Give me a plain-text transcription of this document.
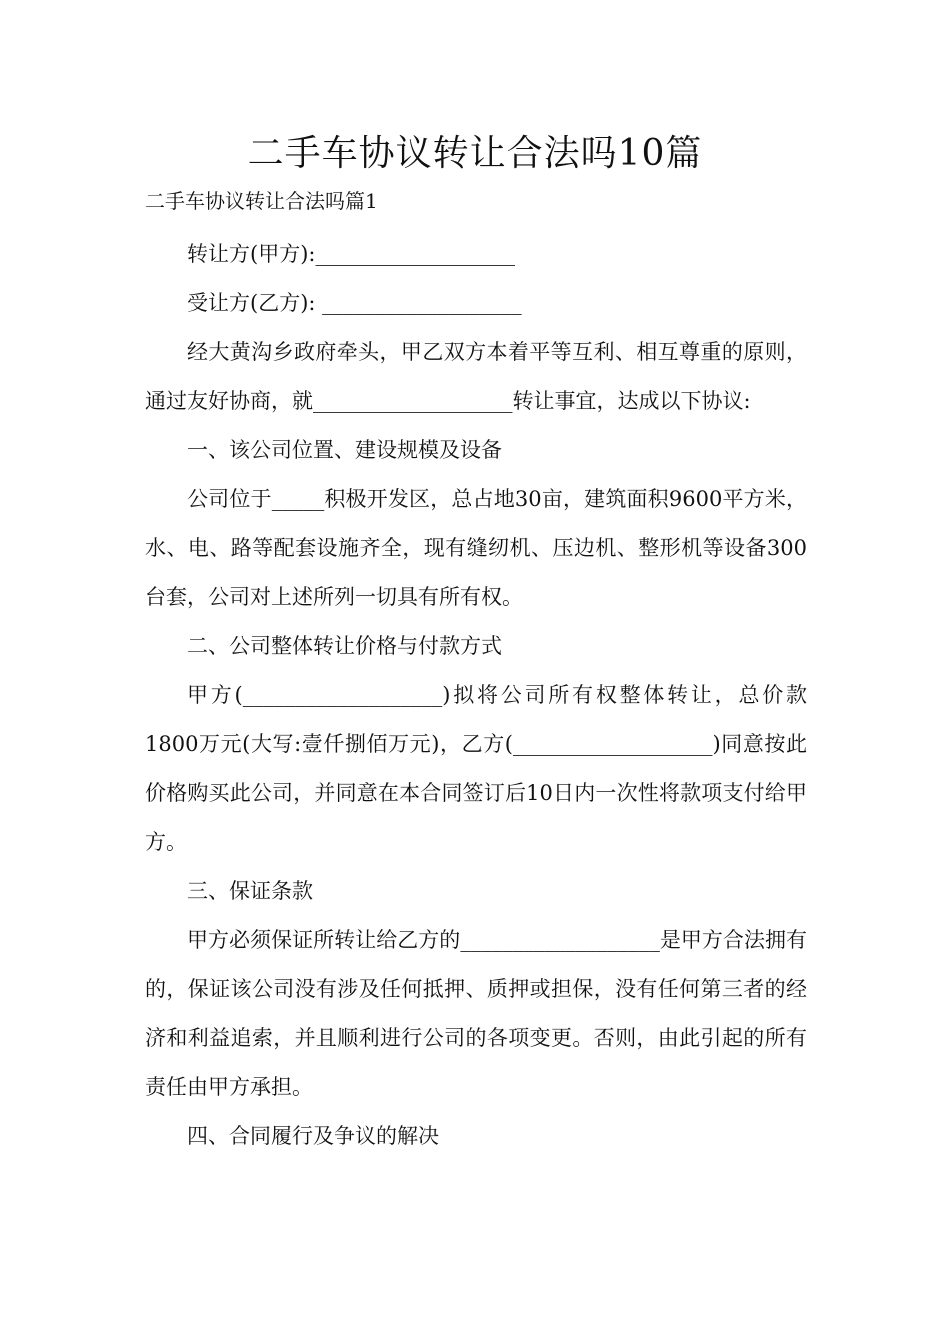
二手车协议转让合法吗10篇
二手车协议转让合法吗篇1

转让方(甲方):___________________

受让方(乙方): ___________________

经大黄沟乡政府牵头，甲乙双方本着平等互利、相互尊重的原则，通过友好协商，就___________________转让事宜，达成以下协议:

一、该公司位置、建设规模及设备

公司位于_____积极开发区，总占地30亩，建筑面积9600平方米，水、电、路等配套设施齐全，现有缝纫机、压边机、整形机等设备300台套，公司对上述所列一切具有所有权。

二、公司整体转让价格与付款方式

甲方(___________________)拟将公司所有权整体转让，总价款1800万元(大写:壹仟捌佰万元)，乙方(___________________)同意按此价格购买此公司，并同意在本合同签订后10日内一次性将款项支付给甲方。

三、保证条款

甲方必须保证所转让给乙方的___________________是甲方合法拥有的，保证该公司没有涉及任何抵押、质押或担保，没有任何第三者的经济和利益追索，并且顺利进行公司的各项变更。否则，由此引起的所有责任由甲方承担。

四、合同履行及争议的解决
